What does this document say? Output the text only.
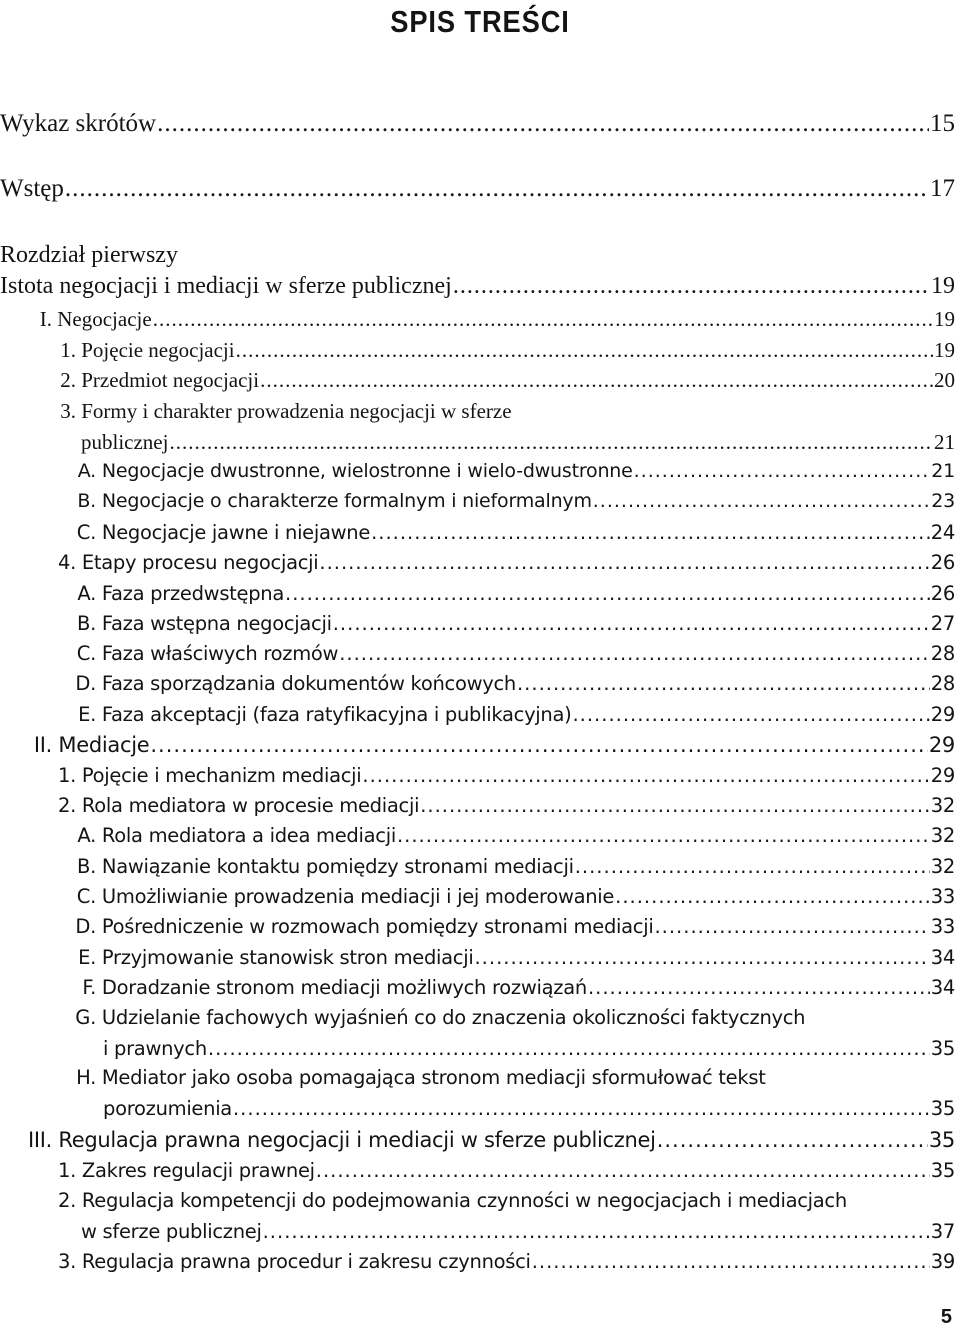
SPIS TREŚCI
Wykaz skrótów .....	15
Wstęp .....	17
Rozdział pierwszy
Istota negocjacji i mediacji w sferze publicznej .....	19
I. Negocjacje .....	19
1. Pojęcie negocjacji .....	19
2. Przedmiot negocjacji .....	20
3. Formy i charakter prowadzenia negocjacji w sferze
publicznej .....	21
A. Negocjacje dwustronne, wielostronne i wielo-dwustronne .....	21
B. Negocjacje o charakterze formalnym i nieformalnym .....	23
C. Negocjacje jawne i niejawne .....	24
4. Etapy procesu negocjacji .....	26
A. Faza przedwstępna .....	26
B. Faza wstępna negocjacji .....	27
C. Faza właściwych rozmów .....	28
D. Faza sporządzania dokumentów końcowych .....	28
E. Faza akceptacji (faza ratyfikacyjna i publikacyjna) .....	29
II. Mediacje .....	29
1. Pojęcie i mechanizm mediacji .....	29
2. Rola mediatora w procesie mediacji .....	32
A. Rola mediatora a idea mediacji .....	32
B. Nawiązanie kontaktu pomiędzy stronami mediacji .....	32
C. Umożliwianie prowadzenia mediacji i jej moderowanie .....	33
D. Pośredniczenie w rozmowach pomiędzy stronami mediacji .....	33
E. Przyjmowanie stanowisk stron mediacji .....	34
F. Doradzanie stronom mediacji możliwych rozwiązań .....	34
G. Udzielanie fachowych wyjaśnień co do znaczenia okoliczności faktycznych
i prawnych .....	35
H. Mediator jako osoba pomagająca stronom mediacji sformułować tekst
porozumienia .....	35
III. Regulacja prawna negocjacji i mediacji w sferze publicznej .....	35
1. Zakres regulacji prawnej .....	35
2. Regulacja kompetencji do podejmowania czynności w negocjacjach i mediacjach
w sferze publicznej .....	37
3. Regulacja prawna procedur i zakresu czynności .....	39
5
